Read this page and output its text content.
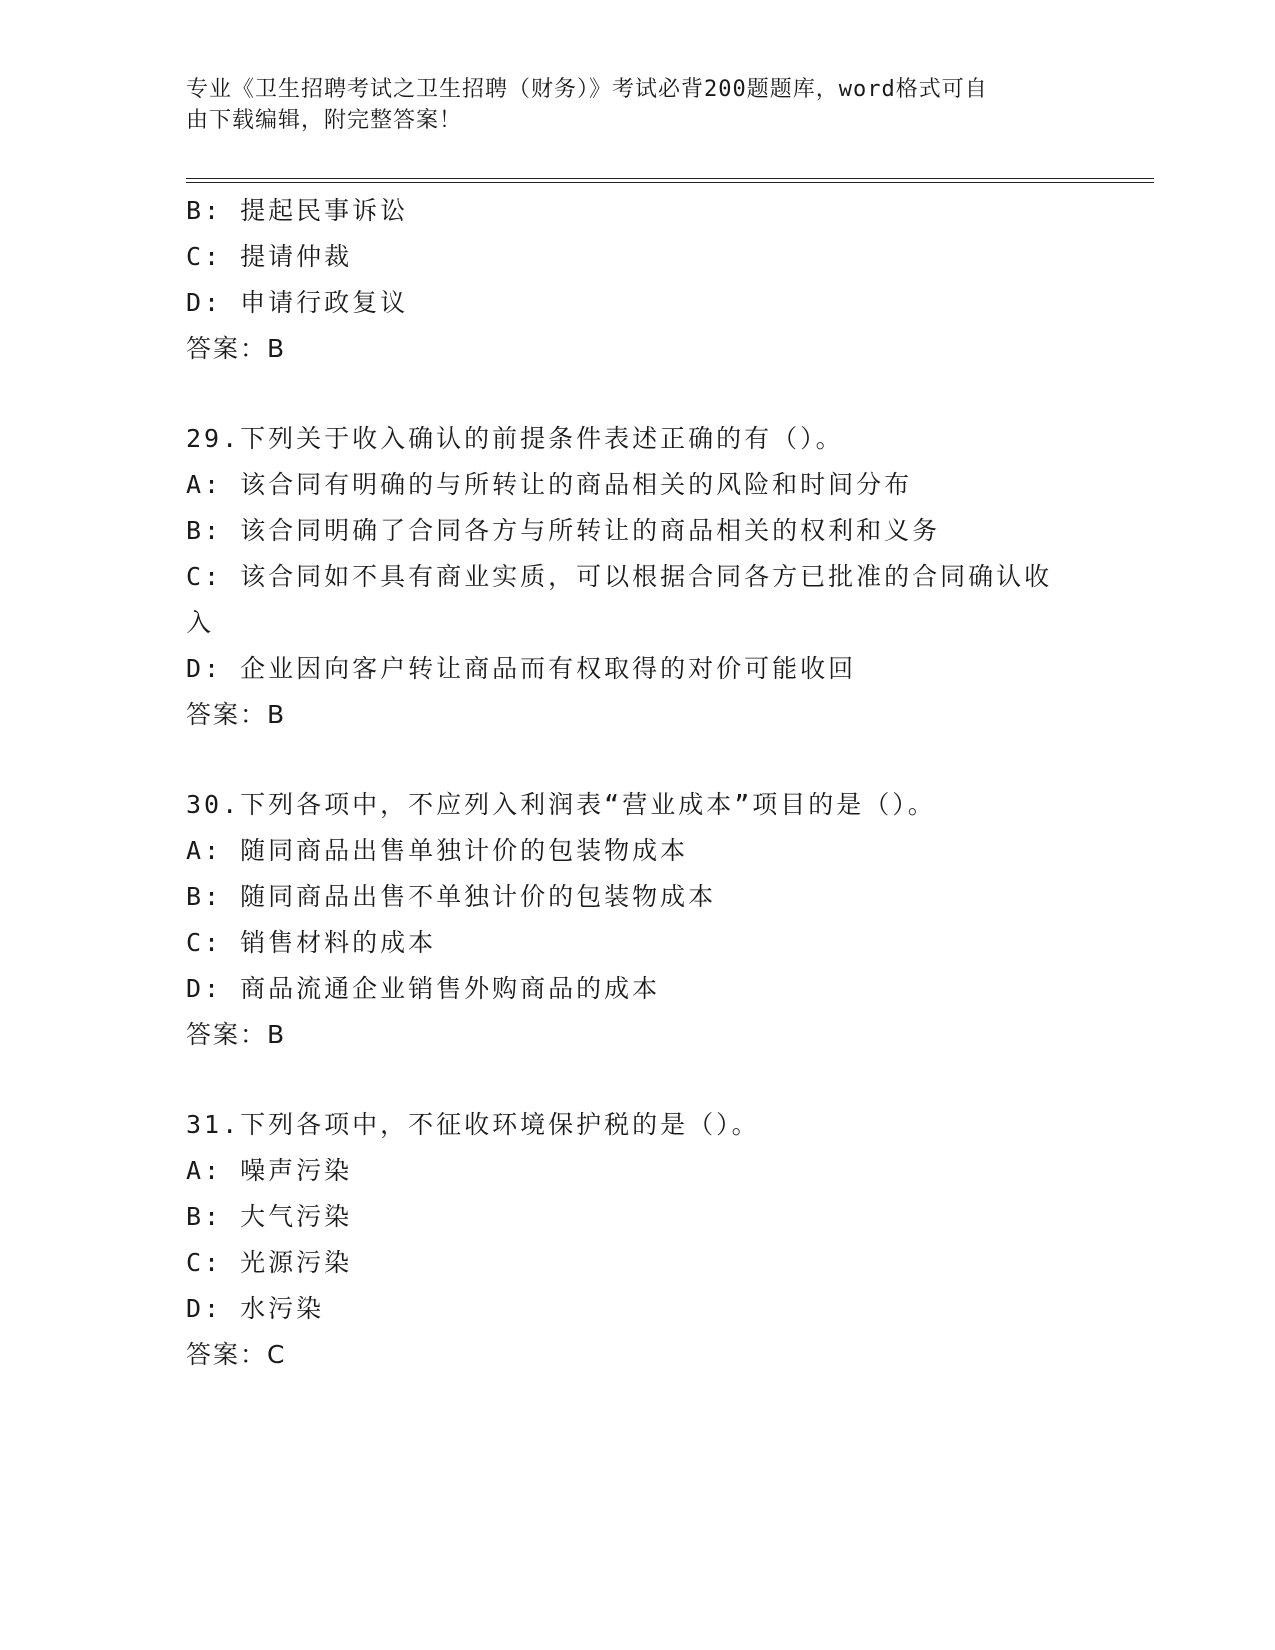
专业《卫生招聘考试之卫生招聘（财务）》考试必背200题题库，word格式可自
由下载编辑，附完整答案！
B: 提起民事诉讼
C: 提请仲裁
D: 申请行政复议
答案：B
29.下列关于收入确认的前提条件表述正确的有（）。
A: 该合同有明确的与所转让的商品相关的风险和时间分布
B: 该合同明确了合同各方与所转让的商品相关的权利和义务
C: 该合同如不具有商业实质，可以根据合同各方已批准的合同确认收
入
D: 企业因向客户转让商品而有权取得的对价可能收回
答案：B
30.下列各项中，不应列入利润表“营业成本”项目的是（）。
A: 随同商品出售单独计价的包装物成本
B: 随同商品出售不单独计价的包装物成本
C: 销售材料的成本
D: 商品流通企业销售外购商品的成本
答案：B
31.下列各项中，不征收环境保护税的是（）。
A: 噪声污染
B: 大气污染
C: 光源污染
D: 水污染
答案：C
